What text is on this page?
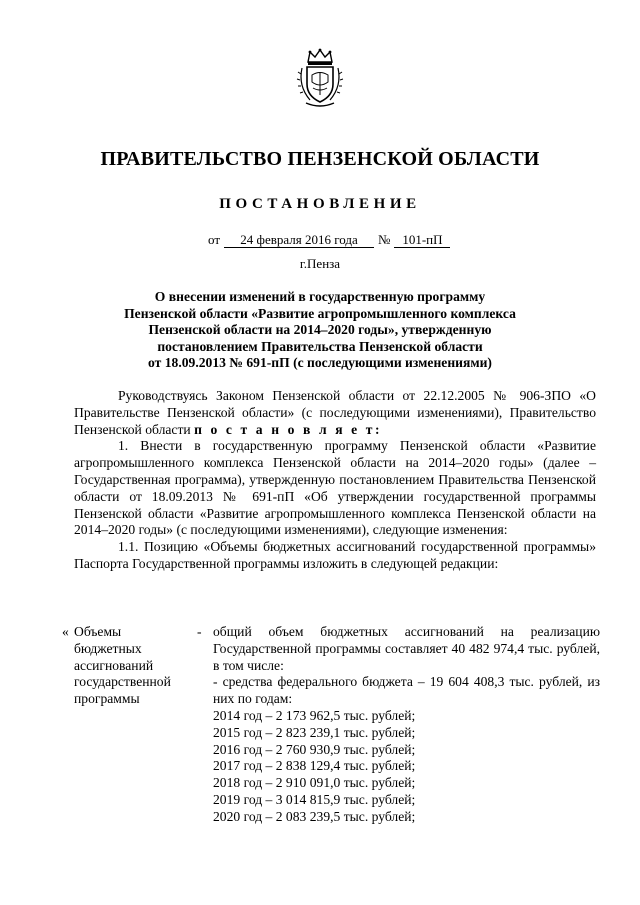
ПРАВИТЕЛЬСТВО ПЕНЗЕНСКОЙ ОБЛАСТИ
ПОСТАНОВЛЕНИЕ
от 24 февраля 2016 года № 101-пП
г.Пенза
О внесении изменений в государственную программу
Пензенской области «Развитие агропромышленного комплекса
Пензенской области на 2014–2020 годы», утвержденную
постановлением Правительства Пензенской области
от 18.09.2013 № 691-пП (с последующими изменениями)

Руководствуясь Законом Пензенской области от 22.12.2005 № 906-ЗПО «О Правительстве Пензенской области» (с последующими изменениями), Правительство Пензенской области п о с т а н о в л я е т:

1. Внести в государственную программу Пензенской области «Развитие агропромышленного комплекса Пензенской области на 2014–2020 годы» (далее – Государственная программа), утвержденную постановлением Правительства Пензенской области от 18.09.2013 № 691-пП «Об утверждении государственной программы Пензенской области «Развитие агропромышленного комплекса Пензенской области на 2014–2020 годы» (с последующими изменениями), следующие изменения:

1.1. Позицию «Объемы бюджетных ассигнований государственной программы» Паспорта Государственной программы изложить в следующей редакции:

« Объемы
бюджетных
ассигнований
государственной
программы
- общий объем бюджетных ассигнований на реализацию Государственной программы составляет 40 482 974,4 тыс. рублей, в том числе:
- средства федерального бюджета – 19 604 408,3 тыс. рублей, из них по годам:
2014 год – 2 173 962,5 тыс. рублей;
2015 год – 2 823 239,1 тыс. рублей;
2016 год – 2 760 930,9 тыс. рублей;
2017 год – 2 838 129,4 тыс. рублей;
2018 год – 2 910 091,0 тыс. рублей;
2019 год – 3 014 815,9 тыс. рублей;
2020 год – 2 083 239,5 тыс. рублей;
